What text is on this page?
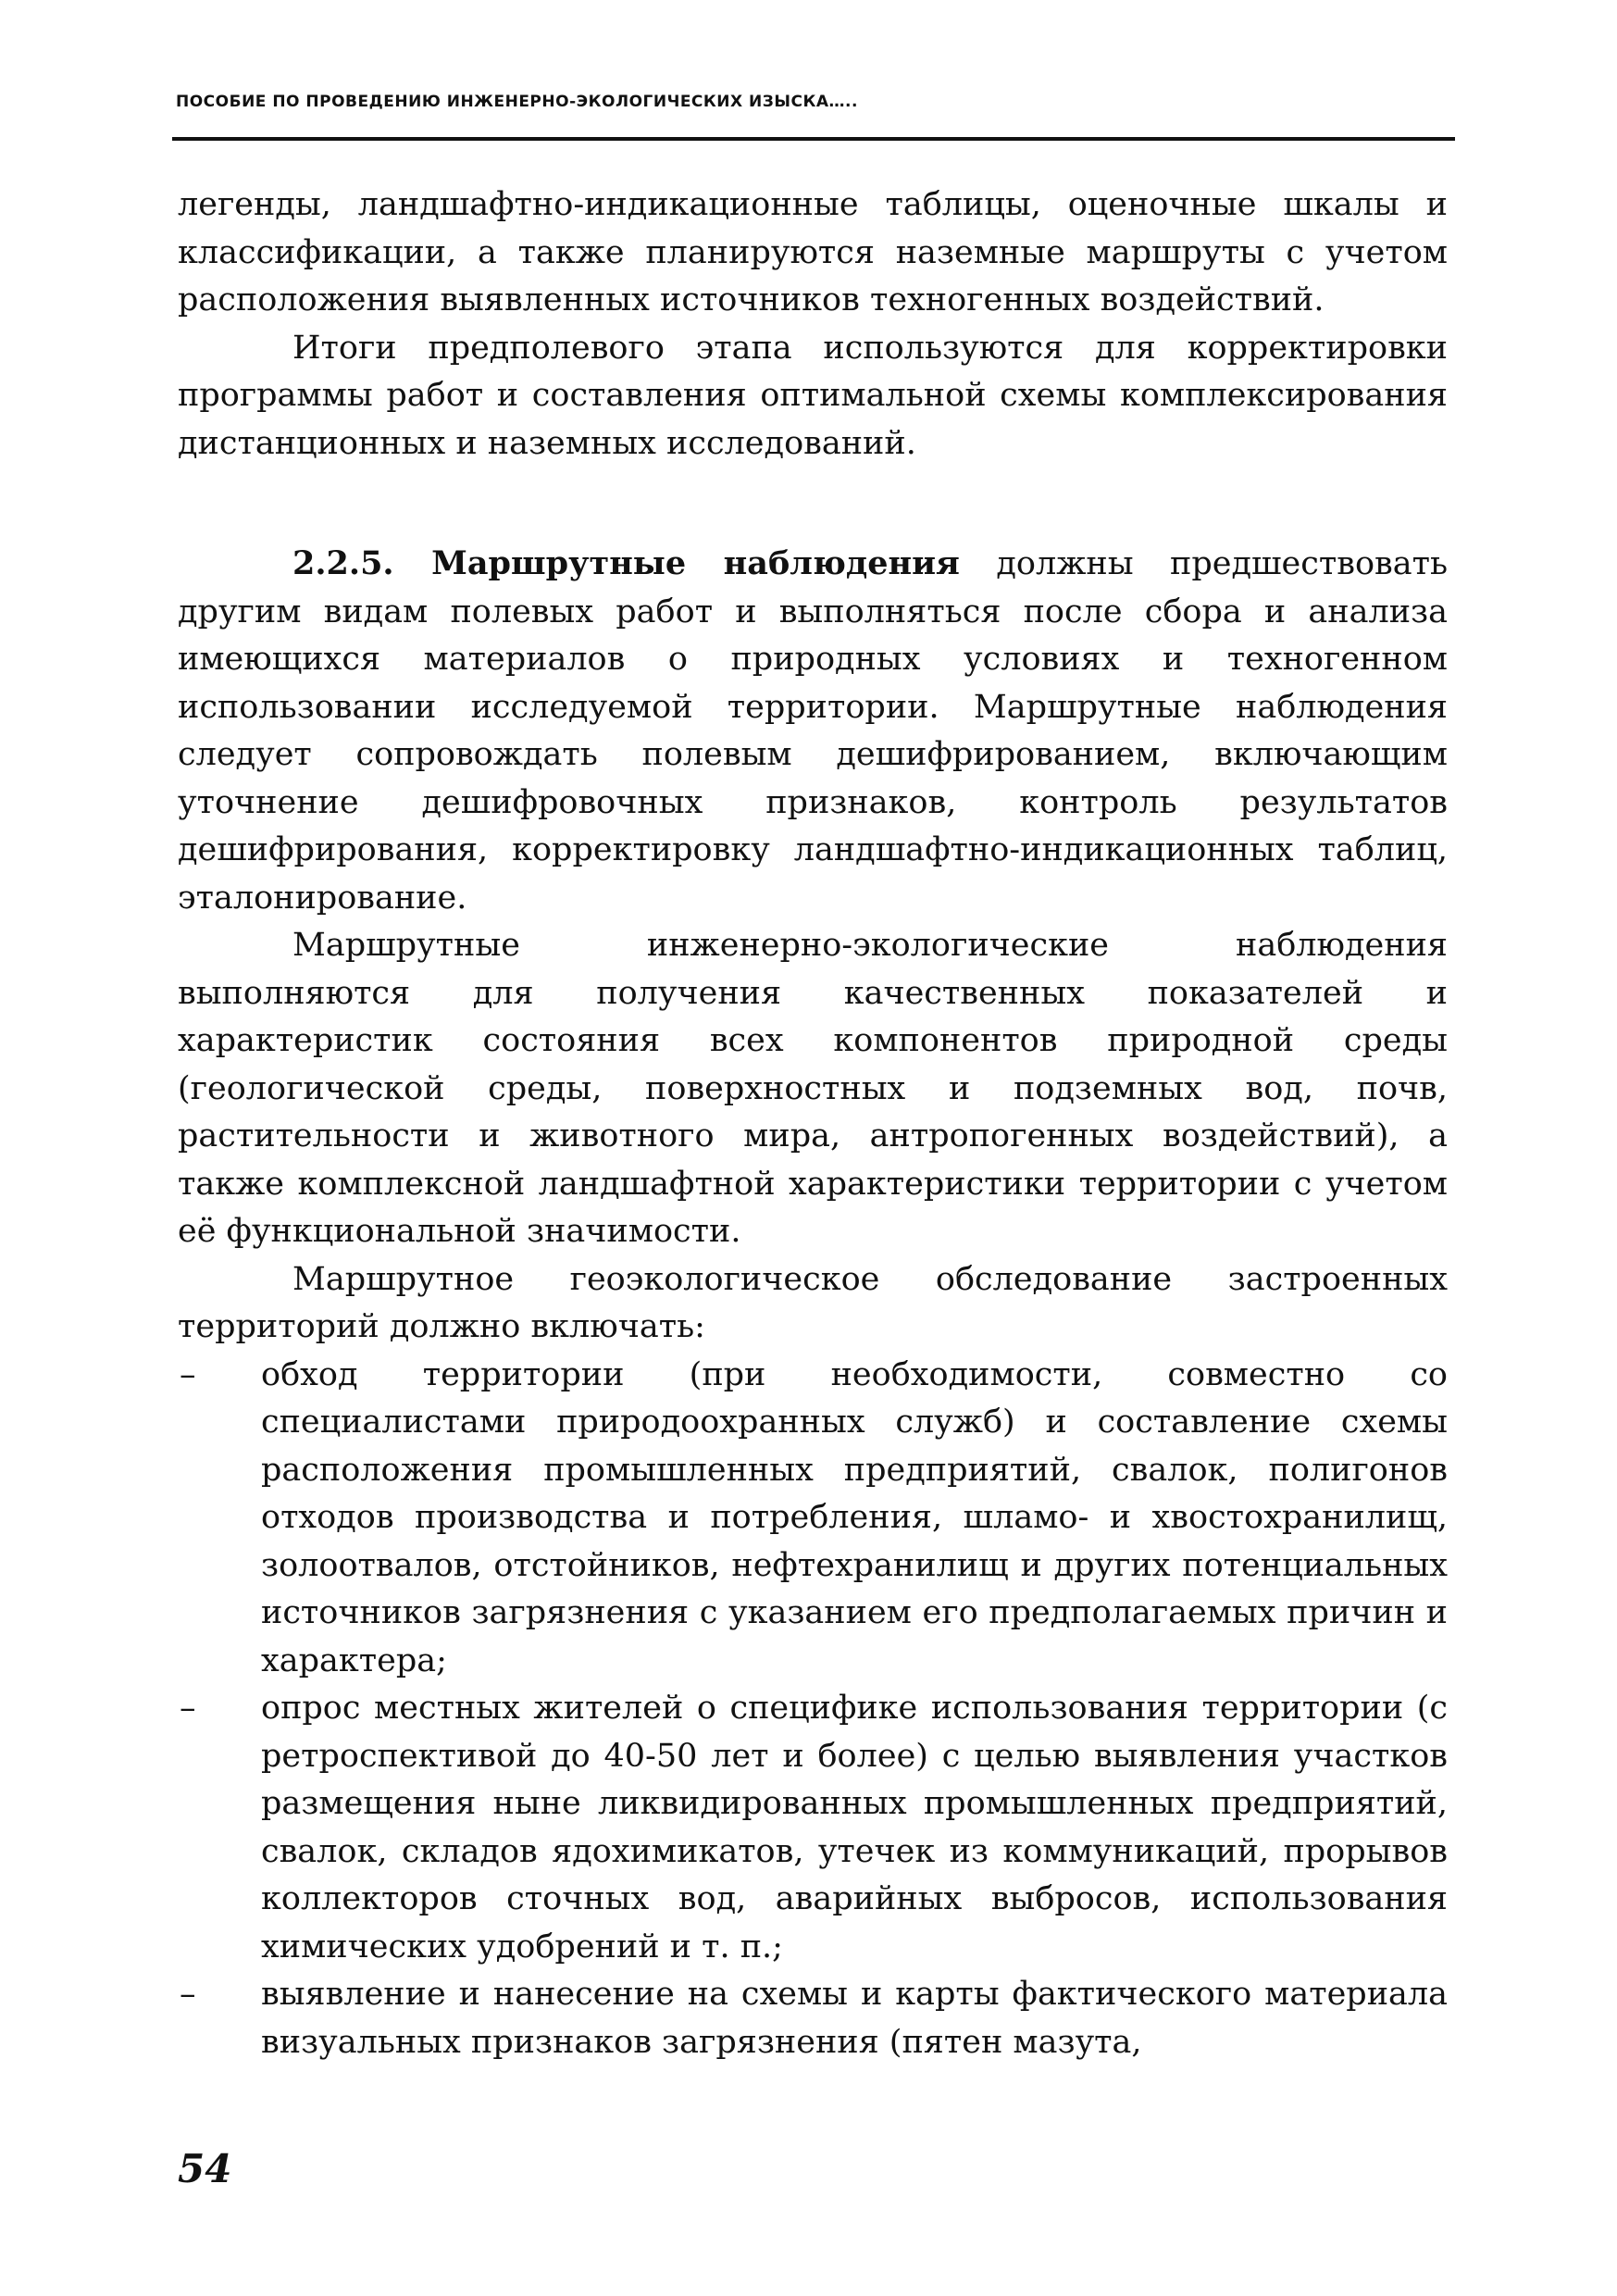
ПОСОБИЕ ПО ПРОВЕДЕНИЮ ИНЖЕНЕРНО-ЭКОЛОГИЧЕСКИХ ИЗЫСКА…..

легенды, ландшафтно-индикационные таблицы, оценочные шкалы и классификации, а также планируются наземные маршруты с учетом расположения выявленных источников техногенных воздействий.

Итоги предполевого этапа используются для корректировки программы работ и составления оптимальной схемы комплексирования дистанционных и наземных исследований.

2.2.5. Маршрутные наблюдения должны предшествовать другим видам полевых работ и выполняться после сбора и анализа имеющихся материалов о природных условиях и техногенном использовании исследуемой территории. Маршрутные наблюдения следует сопровождать полевым дешифрированием, включающим уточнение дешифровочных признаков, контроль результатов дешифрирования, корректировку ландшафтно-индикационных таблиц, эталонирование.

Маршрутные инженерно-экологические наблюдения выполняются для получения качественных показателей и характеристик состояния всех компонентов природной среды (геологической среды, поверхностных и подземных вод, почв, растительности и животного мира, антропогенных воздействий), а также комплексной ландшафтной характеристики территории с учетом её функциональной значимости.

Маршрутное геоэкологическое обследование застроенных территорий должно включать:

– обход территории (при необходимости, совместно со специалистами природоохранных служб) и составление схемы расположения промышленных предприятий, свалок, полигонов отходов производства и потребления, шламо- и хвостохранилищ, золоотвалов, отстойников, нефтехранилищ и других потенциальных источников загрязнения с указанием его предполагаемых причин и характера;
– опрос местных жителей о специфике использования территории (с ретроспективой до 40-50 лет и более) с целью выявления участков размещения ныне ликвидированных промышленных предприятий, свалок, складов ядохимикатов, утечек из коммуникаций, прорывов коллекторов сточных вод, аварийных выбросов, использования химических удобрений и т. п.;
– выявление и нанесение на схемы и карты фактического материала визуальных признаков загрязнения (пятен мазута,
54
